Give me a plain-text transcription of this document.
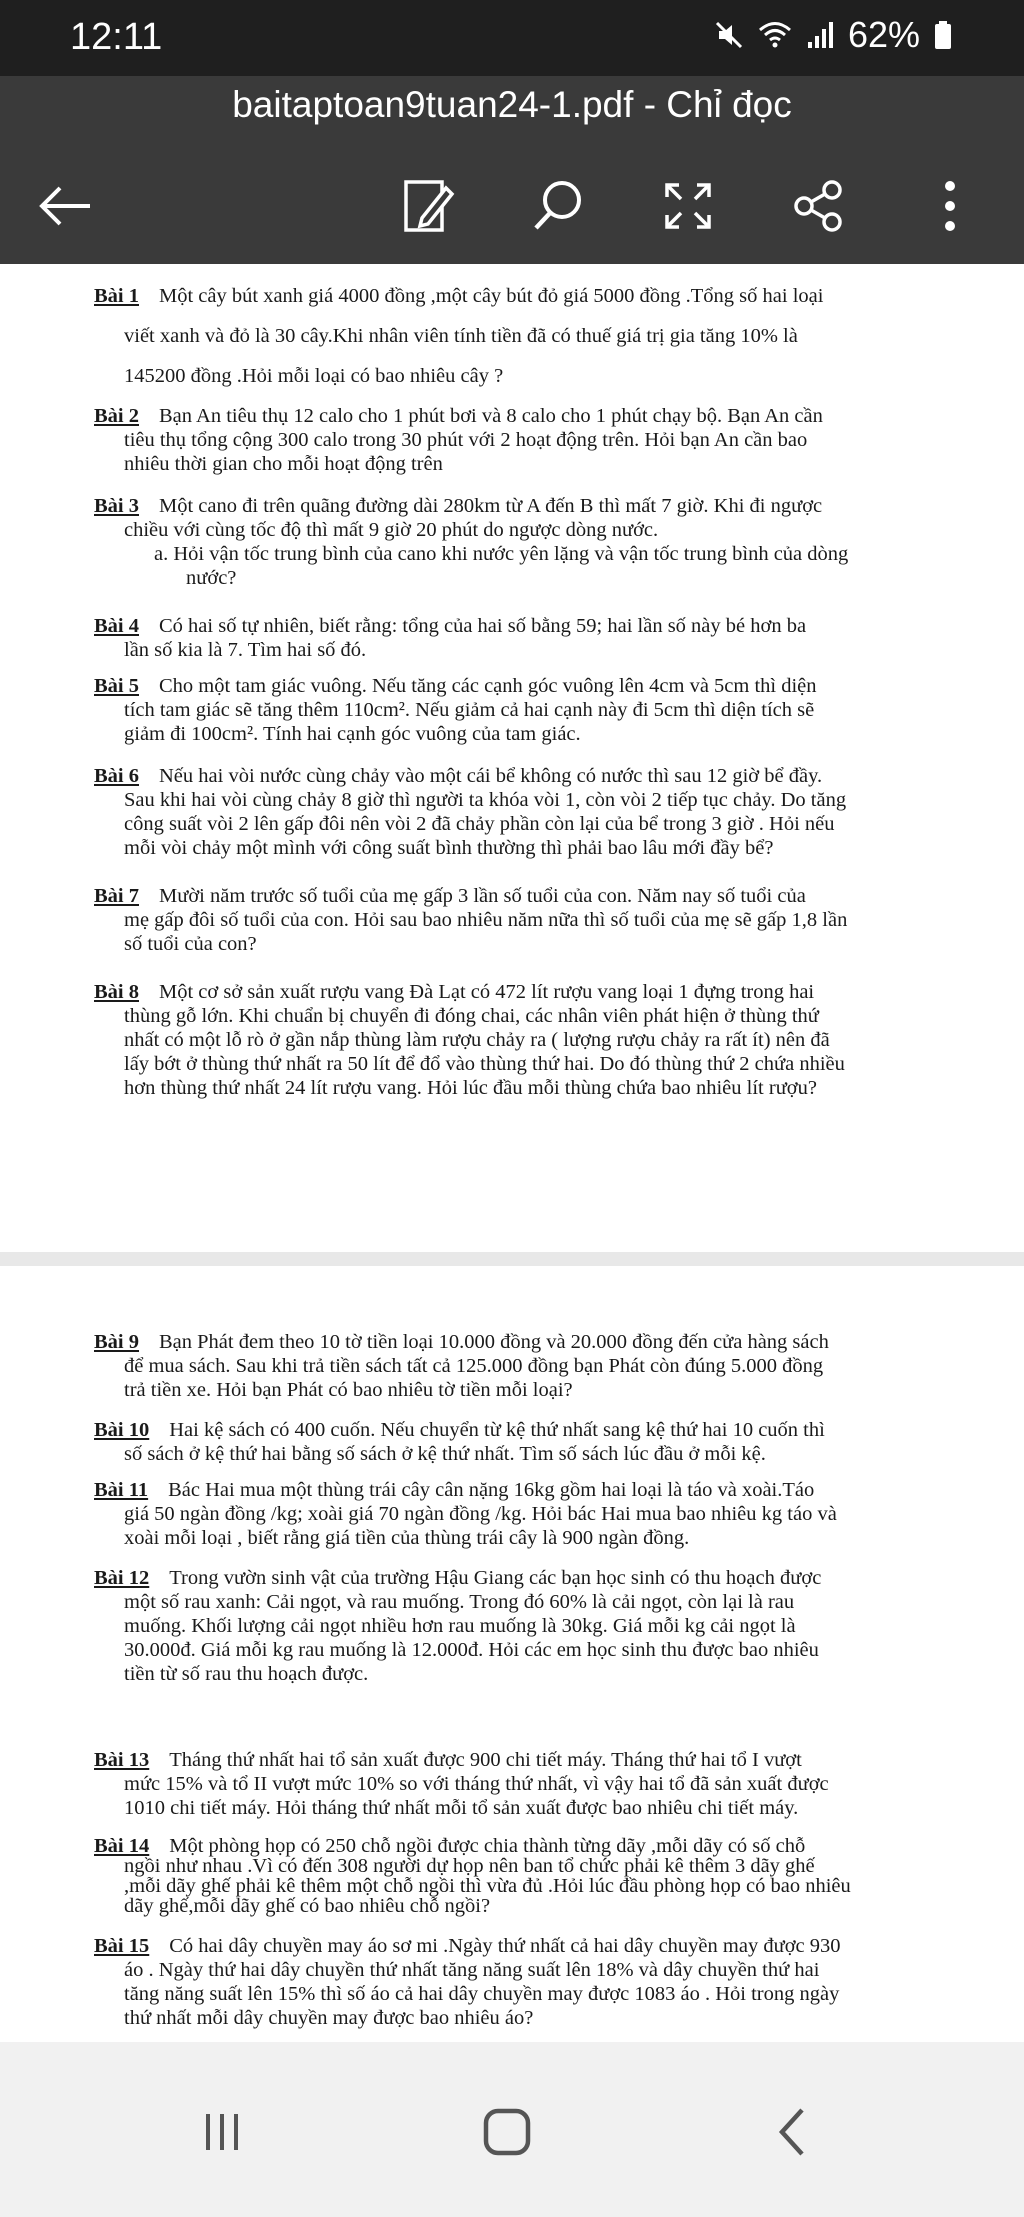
12:11	62%
baitaptoan9tuan24-1.pdf - Chỉ đọc
Bài 1 Một cây bút xanh giá 4000 đồng ,một cây bút đỏ giá 5000 đồng .Tổng số hai loại
viết xanh và đỏ là 30 cây.Khi nhân viên tính tiền đã có thuế giá trị gia tăng 10% là
145200 đồng .Hỏi mỗi loại có bao nhiêu cây ?
Bài 2 Bạn An tiêu thụ 12 calo cho 1 phút bơi và 8 calo cho 1 phút chạy bộ. Bạn An cần
tiêu thụ tổng cộng 300 calo trong 30 phút với 2 hoạt động trên. Hỏi bạn An cần bao
nhiêu thời gian cho mỗi hoạt động trên
Bài 3 Một cano đi trên quãng đường dài 280km từ A đến B thì mất 7 giờ. Khi đi ngược
chiều với cùng tốc độ thì mất 9 giờ 20 phút do ngược dòng nước.
a. Hỏi vận tốc trung bình của cano khi nước yên lặng và vận tốc trung bình của dòng
nước?
Bài 4 Có hai số tự nhiên, biết rằng: tổng của hai số bằng 59; hai lần số này bé hơn ba
lần số kia là 7. Tìm hai số đó.
Bài 5 Cho một tam giác vuông. Nếu tăng các cạnh góc vuông lên 4cm và 5cm thì diện
tích tam giác sẽ tăng thêm 110cm². Nếu giảm cả hai cạnh này đi 5cm thì diện tích sẽ
giảm đi 100cm². Tính hai cạnh góc vuông của tam giác.
Bài 6 Nếu hai vòi nước cùng chảy vào một cái bể không có nước thì sau 12 giờ bể đầy.
Sau khi hai vòi cùng chảy 8 giờ thì người ta khóa vòi 1, còn vòi 2 tiếp tục chảy. Do tăng
công suất vòi 2 lên gấp đôi nên vòi 2 đã chảy phần còn lại của bể trong 3 giờ . Hỏi nếu
mỗi vòi chảy một mình với công suất bình thường thì phải bao lâu mới đầy bể?
Bài 7 Mười năm trước số tuổi của mẹ gấp 3 lần số tuổi của con. Năm nay số tuổi của
mẹ gấp đôi số tuổi của con. Hỏi sau bao nhiêu năm nữa thì số tuổi của mẹ sẽ gấp 1,8 lần
số tuổi của con?
Bài 8 Một cơ sở sản xuất rượu vang Đà Lạt có 472 lít rượu vang loại 1 đựng trong hai
thùng gỗ lớn. Khi chuẩn bị chuyển đi đóng chai, các nhân viên phát hiện ở thùng thứ
nhất có một lỗ rò ở gần nắp thùng làm rượu chảy ra ( lượng rượu chảy ra rất ít) nên đã
lấy bớt ở thùng thứ nhất ra 50 lít để đổ vào thùng thứ hai. Do đó thùng thứ 2 chứa nhiều
hơn thùng thứ nhất 24 lít rượu vang. Hỏi lúc đầu mỗi thùng chứa bao nhiêu lít rượu?
Bài 9 Bạn Phát đem theo 10 tờ tiền loại 10.000 đồng và 20.000 đồng đến cửa hàng sách
để mua sách. Sau khi trả tiền sách tất cả 125.000 đồng bạn Phát còn đúng 5.000 đồng
trả tiền xe. Hỏi bạn Phát có bao nhiêu tờ tiền mỗi loại?
Bài 10 Hai kệ sách có 400 cuốn. Nếu chuyển từ kệ thứ nhất sang kệ thứ hai 10 cuốn thì
số sách ở kệ thứ hai bằng số sách ở kệ thứ nhất. Tìm số sách lúc đầu ở mỗi kệ.
Bài 11 Bác Hai mua một thùng trái cây cân nặng 16kg gồm hai loại là táo và xoài.Táo
giá 50 ngàn đồng /kg; xoài giá 70 ngàn đồng /kg. Hỏi bác Hai mua bao nhiêu kg táo và
xoài mỗi loại , biết rằng giá tiền của thùng trái cây là 900 ngàn đồng.
Bài 12 Trong vườn sinh vật của trường Hậu Giang các bạn học sinh có thu hoạch được
một số rau xanh: Cải ngọt, và rau muống. Trong đó 60% là cải ngọt, còn lại là rau
muống. Khối lượng cải ngọt nhiều hơn rau muống là 30kg. Giá mỗi kg cải ngọt là
30.000đ. Giá mỗi kg rau muống là 12.000đ. Hỏi các em học sinh thu được bao nhiêu
tiền từ số rau thu hoạch được.
Bài 13 Tháng thứ nhất hai tổ sản xuất được 900 chi tiết máy. Tháng thứ hai tổ I vượt
mức 15% và tổ II vượt mức 10% so với tháng thứ nhất, vì vậy hai tổ đã sản xuất được
1010 chi tiết máy. Hỏi tháng thứ nhất mỗi tổ sản xuất được bao nhiêu chi tiết máy.
Bài 14 Một phòng họp có 250 chỗ ngồi được chia thành từng dãy ,mỗi dãy có số chỗ
ngồi như nhau .Vì có đến 308 người dự họp nên ban tổ chức phải kê thêm 3 dãy ghế
,mỗi dãy ghế phải kê thêm một chỗ ngồi thì vừa đủ .Hỏi lúc đầu phòng họp có bao nhiêu
dãy ghế,mỗi dãy ghế có bao nhiêu chỗ ngồi?
Bài 15 Có hai dây chuyền may áo sơ mi .Ngày thứ nhất cả hai dây chuyền may được 930
áo . Ngày thứ hai dây chuyền thứ nhất tăng năng suất lên 18% và dây chuyền thứ hai
tăng năng suất lên 15% thì số áo cả hai dây chuyền may được 1083 áo . Hỏi trong ngày
thứ nhất mỗi dây chuyền may được bao nhiêu áo?
